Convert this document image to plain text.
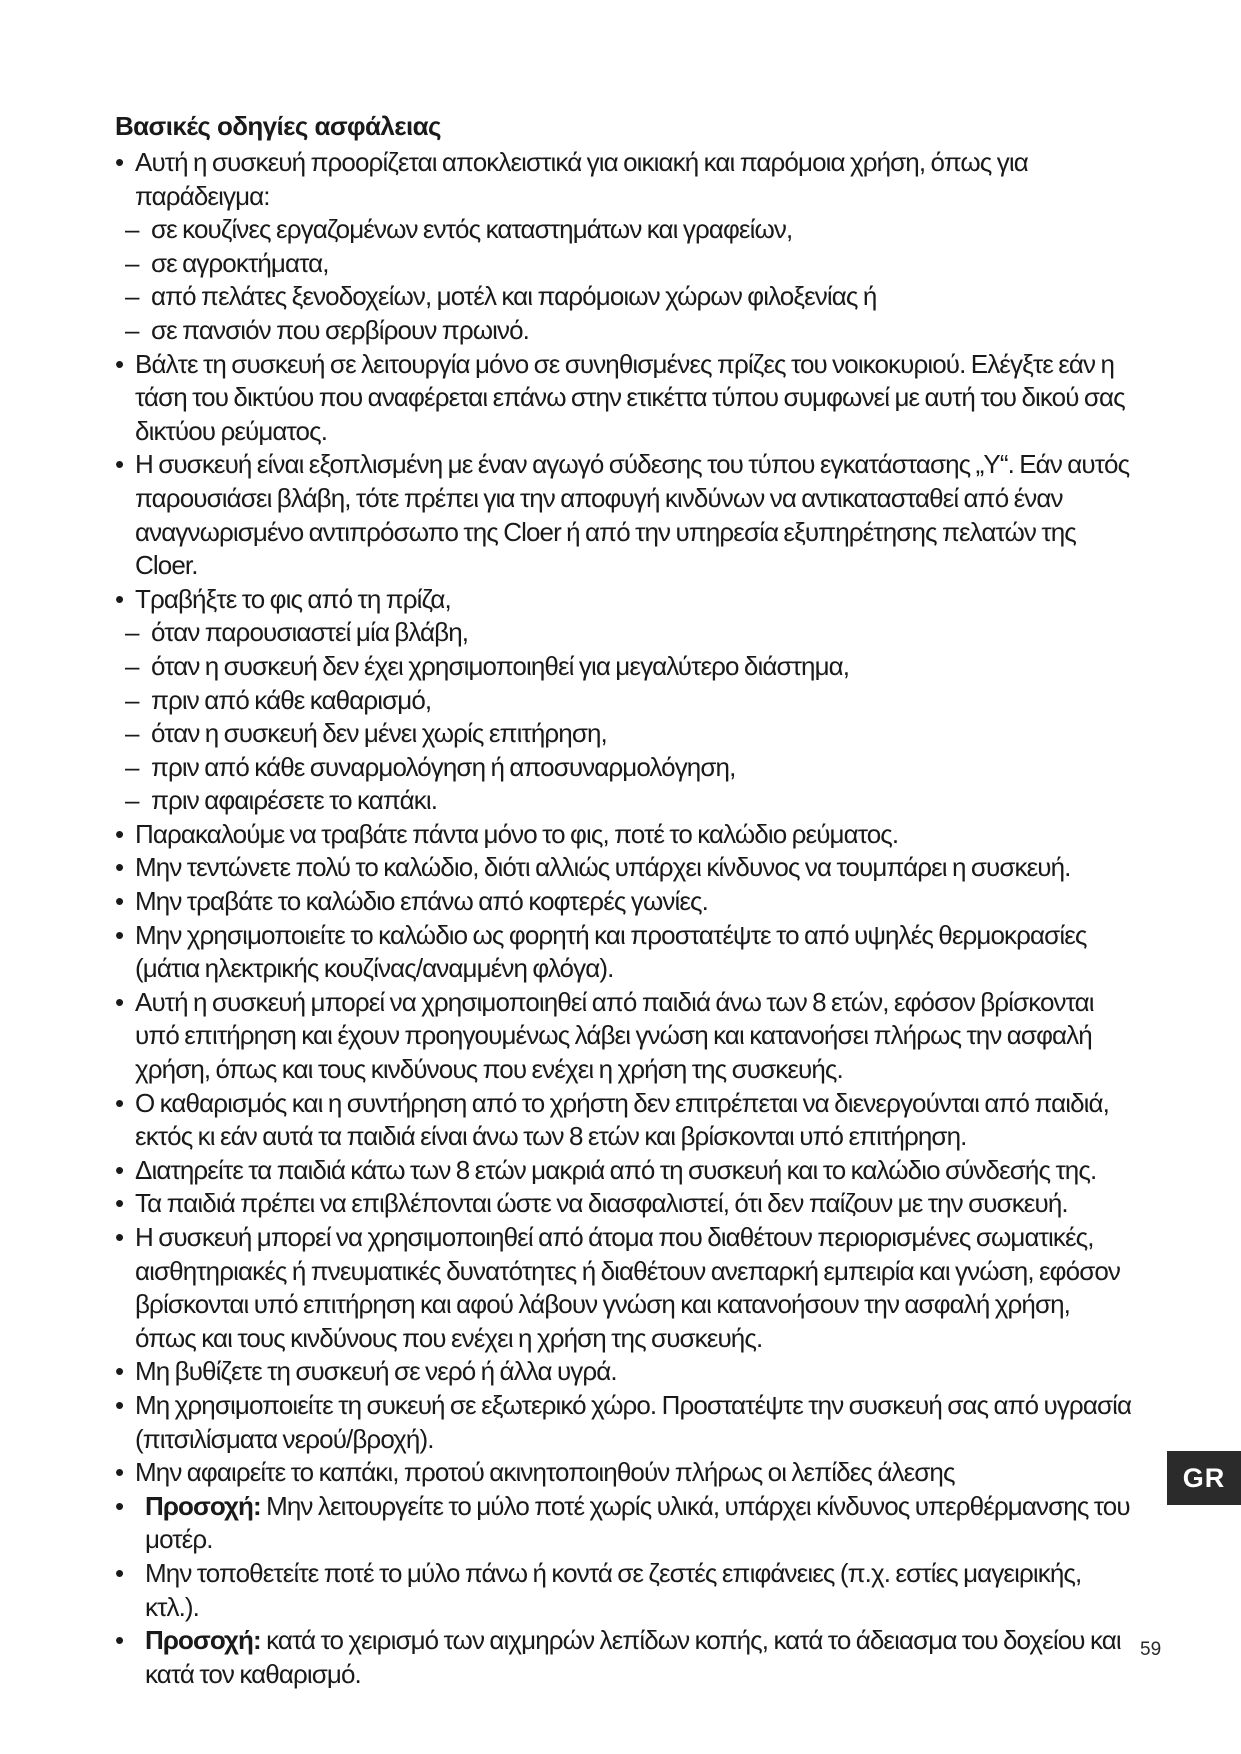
Βασικές οδηγίες ασφάλειας
• Αυτή η συσκευή προορίζεται αποκλειστικά για οικιακή και παρόμοια χρήση, όπως για παράδειγμα:
– σε κουζίνες εργαζομένων εντός καταστημάτων και γραφείων,
– σε αγροκτήματα,
– από πελάτες ξενοδοχείων, μοτέλ και παρόμοιων χώρων φιλοξενίας ή
– σε πανσιόν που σερβίρουν πρωινό.
• Βάλτε τη συσκευή σε λειτουργία μόνο σε συνηθισμένες πρίζες του νοικοκυριού. Ελέγξτε εάν η τάση του δικτύου που αναφέρεται επάνω στην ετικέττα τύπου συμφωνεί με αυτή του δικού σας δικτύου ρεύματος.
• Η συσκευή είναι εξοπλισμένη με έναν αγωγό σύδεσης του τύπου εγκατάστασης „Y“. Εάν αυτός παρουσιάσει βλάβη, τότε πρέπει για την αποφυγή κινδύνων να αντικατασταθεί από έναν αναγνωρισμένο αντιπρόσωπο της Cloer ή από την υπηρεσία εξυπηρέτησης πελατών της Cloer.
• Τραβήξτε το φις από τη πρίζα,
– όταν παρουσιαστεί μία βλάβη,
– όταν η συσκευή δεν έχει χρησιμοποιηθεί για μεγαλύτερο διάστημα,
– πριν από κάθε καθαρισμό,
– όταν η συσκευή δεν μένει χωρίς επιτήρηση,
– πριν από κάθε συναρμολόγηση ή αποσυναρμολόγηση,
– πριν αφαιρέσετε το καπάκι.
• Παρακαλούμε να τραβάτε πάντα μόνο το φις, ποτέ το καλώδιο ρεύματος.
• Μην τεντώνετε πολύ το καλώδιο, διότι αλλιώς υπάρχει κίνδυνος να τουμπάρει η συσκευή.
• Μην τραβάτε το καλώδιο επάνω από κοφτερές γωνίες.
• Μην χρησιμοποιείτε το καλώδιο ως φορητή και προστατέψτε το από υψηλές θερμοκρασίες (μάτια ηλεκτρικής κουζίνας/αναμμένη φλόγα).
• Αυτή η συσκευή μπορεί να χρησιμοποιηθεί από παιδιά άνω των 8 ετών, εφόσον βρίσκονται υπό επιτήρηση και έχουν προηγουμένως λάβει γνώση και κατανοήσει πλήρως την ασφαλή χρήση, όπως και τους κινδύνους που ενέχει η χρήση της συσκευής.
• Ο καθαρισμός και η συντήρηση από το χρήστη δεν επιτρέπεται να διενεργούνται από παιδιά, εκτός κι εάν αυτά τα παιδιά είναι άνω των 8 ετών και βρίσκονται υπό επιτήρηση.
• Διατηρείτε τα παιδιά κάτω των 8 ετών μακριά από τη συσκευή και το καλώδιο σύνδεσής της.
• Τα παιδιά πρέπει να επιβλέπονται ώστε να διασφαλιστεί, ότι δεν παίζουν με την συσκευή.
• Η συσκευή μπορεί να χρησιμοποιηθεί από άτομα που διαθέτουν περιορισμένες σωματικές, αισθητηριακές ή πνευματικές δυνατότητες ή διαθέτουν ανεπαρκή εμπειρία και γνώση, εφόσον βρίσκονται υπό επιτήρηση και αφού λάβουν γνώση και κατανοήσουν την ασφαλή χρήση, όπως και τους κινδύνους που ενέχει η χρήση της συσκευής.
• Μη βυθίζετε τη συσκευή σε νερό ή άλλα υγρά.
• Μη χρησιμοποιείτε τη συκευή σε εξωτερικό χώρο. Προστατέψτε την συσκευή σας από υγρασία (πιτσιλίσματα νερού/βροχή).
• Μην αφαιρείτε το καπάκι, προτού ακινητοποιηθούν πλήρως οι λεπίδες άλεσης
• Προσοχή: Μην λειτουργείτε το μύλο ποτέ χωρίς υλικά, υπάρχει κίνδυνος υπερθέρμανσης του μοτέρ.
• Μην τοποθετείτε ποτέ το μύλο πάνω ή κοντά σε ζεστές επιφάνειες (π.χ. εστίες μαγειρικής, κτλ.).
• Προσοχή: κατά το χειρισμό των αιχμηρών λεπίδων κοπής, κατά το άδειασμα του δοχείου και κατά τον καθαρισμό.
GR
59
